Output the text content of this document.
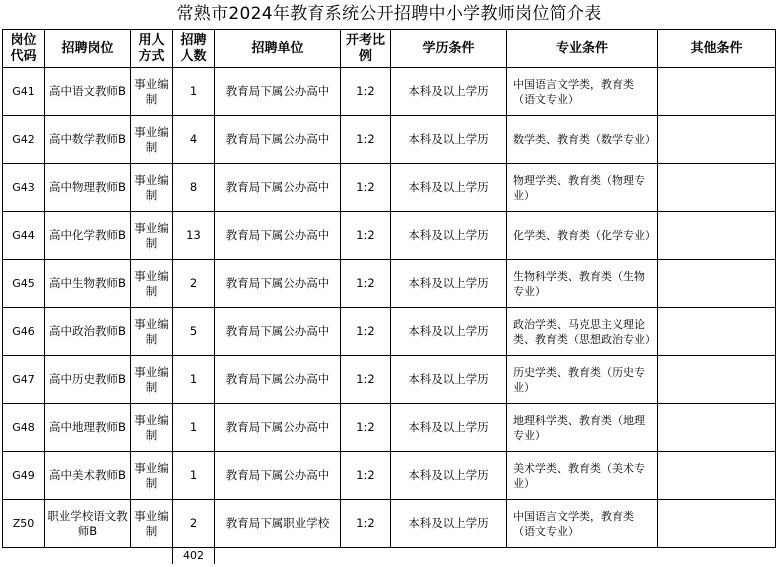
常熟市2024年教育系统公开招聘中小学教师岗位简介表
岗位代码	招聘岗位	用人方式	招聘人数	招聘单位	开考比例	学历条件	专业条件	其他条件
G41	高中语文教师B	事业编制	1	教育局下属公办高中	1:2	本科及以上学历	中国语言文学类，教育类（语文专业）	
G42	高中数学教师B	事业编制	4	教育局下属公办高中	1:2	本科及以上学历	数学类、教育类（数学专业）	
G43	高中物理教师B	事业编制	8	教育局下属公办高中	1:2	本科及以上学历	物理学类、教育类（物理专业）	
G44	高中化学教师B	事业编制	13	教育局下属公办高中	1:2	本科及以上学历	化学类、教育类（化学专业）	
G45	高中生物教师B	事业编制	2	教育局下属公办高中	1:2	本科及以上学历	生物科学类、教育类（生物专业）	
G46	高中政治教师B	事业编制	5	教育局下属公办高中	1:2	本科及以上学历	政治学类、马克思主义理论类、教育类（思想政治专业）	
G47	高中历史教师B	事业编制	1	教育局下属公办高中	1:2	本科及以上学历	历史学类、教育类（历史专业）	
G48	高中地理教师B	事业编制	1	教育局下属公办高中	1:2	本科及以上学历	地理科学类、教育类（地理专业）	
G49	高中美术教师B	事业编制	1	教育局下属公办高中	1:2	本科及以上学历	美术学类、教育类（美术专业）	
Z50	职业学校语文教师B	事业编制	2	教育局下属职业学校	1:2	本科及以上学历	中国语言文学类，教育类（语文专业）	
			402					
